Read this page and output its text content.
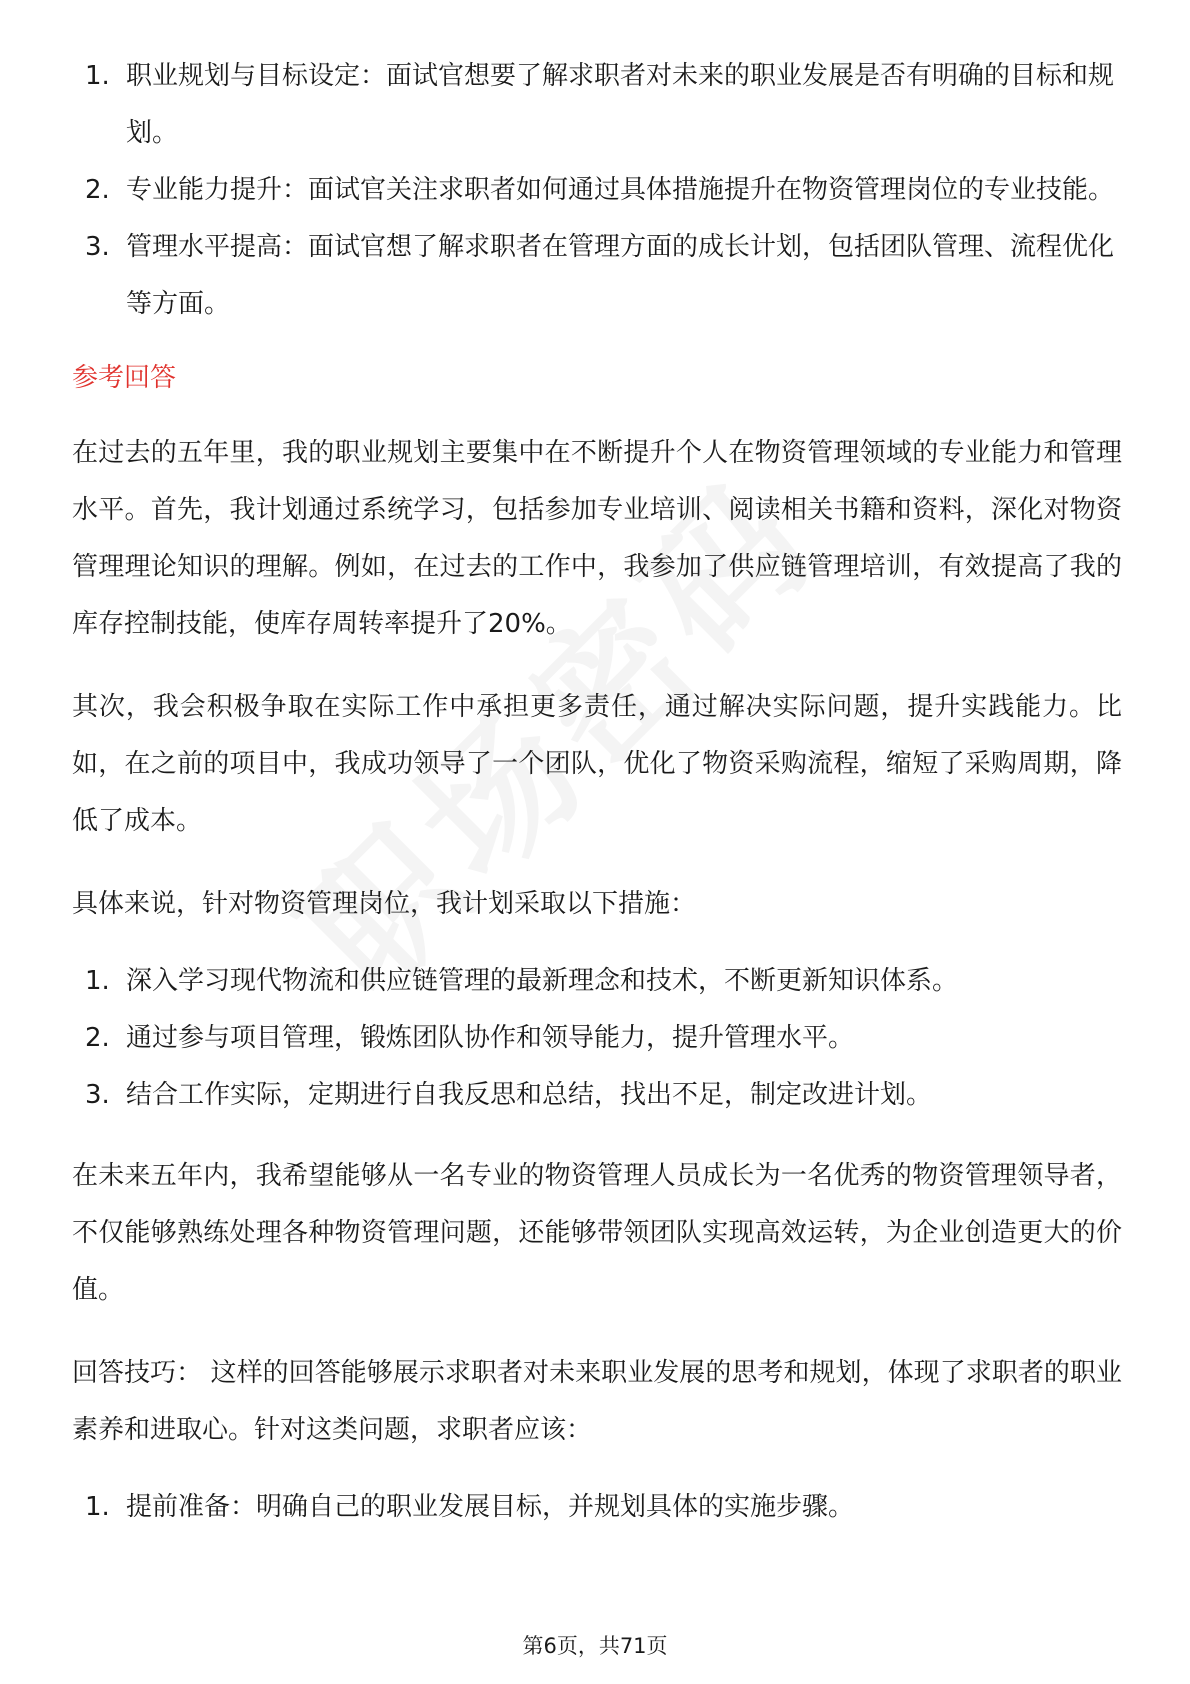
1. 职业规划与目标设定：面试官想要了解求职者对未来的职业发展是否有明确的目标和规划。
2. 专业能力提升：面试官关注求职者如何通过具体措施提升在物资管理岗位的专业技能。
3. 管理水平提高：面试官想了解求职者在管理方面的成长计划，包括团队管理、流程优化等方面。
参考回答

在过去的五年里，我的职业规划主要集中在不断提升个人在物资管理领域的专业能力和管理水平。首先，我计划通过系统学习，包括参加专业培训、阅读相关书籍和资料，深化对物资管理理论知识的理解。例如，在过去的工作中，我参加了供应链管理培训，有效提高了我的库存控制技能，使库存周转率提升了20%。

其次，我会积极争取在实际工作中承担更多责任，通过解决实际问题，提升实践能力。比如，在之前的项目中，我成功领导了一个团队，优化了物资采购流程，缩短了采购周期，降低了成本。

具体来说，针对物资管理岗位，我计划采取以下措施：

1. 深入学习现代物流和供应链管理的最新理念和技术，不断更新知识体系。
2. 通过参与项目管理，锻炼团队协作和领导能力，提升管理水平。
3. 结合工作实际，定期进行自我反思和总结，找出不足，制定改进计划。

在未来五年内，我希望能够从一名专业的物资管理人员成长为一名优秀的物资管理领导者，不仅能够熟练处理各种物资管理问题，还能够带领团队实现高效运转，为企业创造更大的价值。

回答技巧： 这样的回答能够展示求职者对未来职业发展的思考和规划，体现了求职者的职业素养和进取心。针对这类问题，求职者应该：

1. 提前准备：明确自己的职业发展目标，并规划具体的实施步骤。
第6页，共71页
